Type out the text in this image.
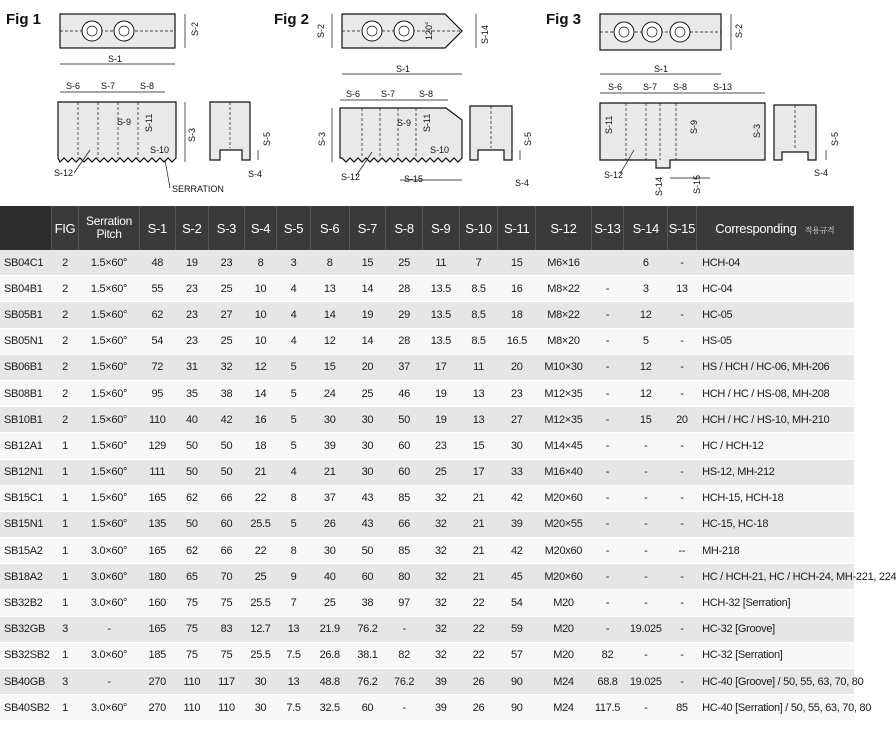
Fig 1
S-1
S-2
S-6 S-7	S-8
S-9 S-11
S-10
S-3
S-12
SERRATION
S-5
S-4
Fig 2
120°
S-2	S-14
S-1
S-6 S-7	S-8
S-9 S-11
S-10
S-3
S-12	S-15
S-5
S-4
Fig 3
S-2
S-1
S-6 S-7 S-8	S-13
S-11	S-9	S-3
S-12
S-14	S-15
S-5
S-4
	FIG	Serration
Pitch	S-1	S-2	S-3	S-4	S-5	S-6	S-7	S-8	S-9	S-10	S-11	S-12	S-13	S-14	S-15	Corresponding 적용규격
SB04C1	2	1.5×60°	48	19	23	8	3	8	15	25	11	7	15	M6×16		6	-	HCH-04
SB04B1	2	1.5×60°	55	23	25	10	4	13	14	28	13.5	8.5	16	M8×22	-	3	13	HC-04
SB05B1	2	1.5×60°	62	23	27	10	4	14	19	29	13.5	8.5	18	M8×22	-	12	-	HC-05
SB05N1	2	1.5×60°	54	23	25	10	4	12	14	28	13.5	8.5	16.5	M8×20	-	5	-	HS-05
SB06B1	2	1.5×60°	72	31	32	12	5	15	20	37	17	11	20	M10×30	-	12	-	HS / HCH / HC-06, MH-206
SB08B1	2	1.5×60°	95	35	38	14	5	24	25	46	19	13	23	M12×35	-	12	-	HCH / HC / HS-08, MH-208
SB10B1	2	1.5×60°	110	40	42	16	5	30	30	50	19	13	27	M12×35	-	15	20	HCH / HC / HS-10, MH-210
SB12A1	1	1.5×60°	129	50	50	18	5	39	30	60	23	15	30	M14×45	-	-	-	HC / HCH-12
SB12N1	1	1.5×60°	111	50	50	21	4	21	30	60	25	17	33	M16×40	-	-	-	HS-12, MH-212
SB15C1	1	1.5×60°	165	62	66	22	8	37	43	85	32	21	42	M20×60	-	-	-	HCH-15, HCH-18
SB15N1	1	1.5×60°	135	50	60	25.5	5	26	43	66	32	21	39	M20×55	-	-	-	HC-15, HC-18
SB15A2	1	3.0×60°	165	62	66	22	8	30	50	85	32	21	42	M20x60	-	-	--	MH-218
SB18A2	1	3.0×60°	180	65	70	25	9	40	60	80	32	21	45	M20×60	-	-	-	HC / HCH-21, HC / HCH-24, MH-221, 224
SB32B2	1	3.0×60°	160	75	75	25.5	7	25	38	97	32	22	54	M20	-	-	-	HCH-32 [Serration]
SB32GB	3	-	165	75	83	12.7	13	21.9	76.2	-	32	22	59	M20	-	19.025	-	HC-32 [Groove]
SB32SB2	1	3.0×60°	185	75	75	25.5	7.5	26.8	38.1	82	32	22	57	M20	82	-	-	HC-32 [Serration]
SB40GB	3	-	270	110	117	30	13	48.8	76.2	76.2	39	26	90	M24	68.8	19.025	-	HC-40 [Groove] / 50, 55, 63, 70, 80
SB40SB2	1	3.0×60°	270	110	110	30	7.5	32.5	60	-	39	26	90	M24	117.5	-	85	HC-40 [Serration] / 50, 55, 63, 70, 80
